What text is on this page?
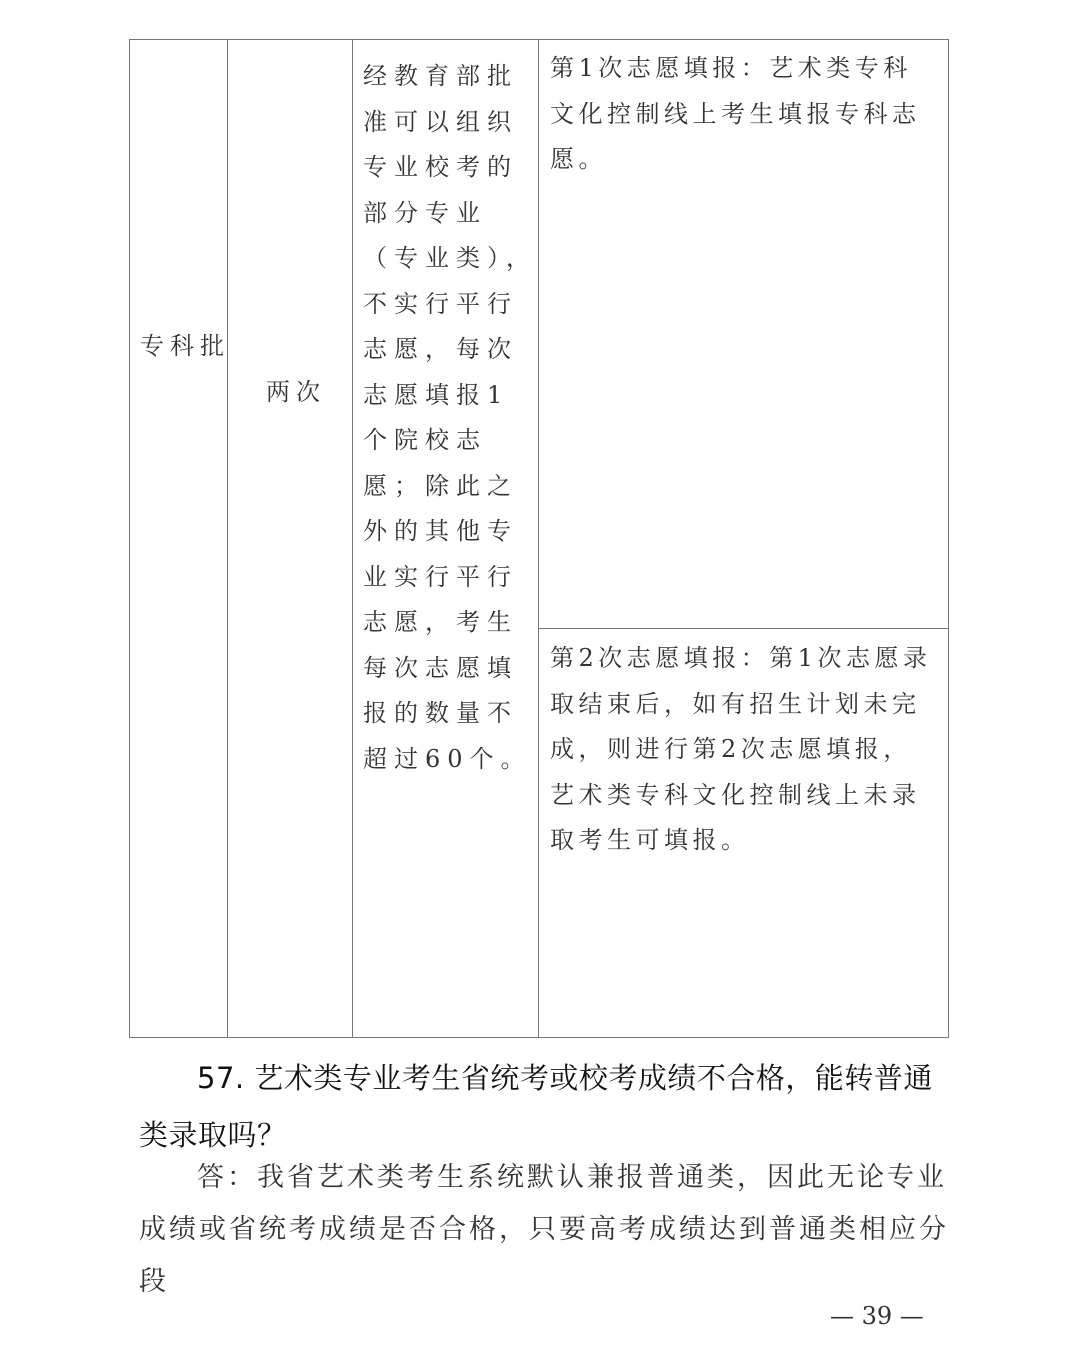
专科批
两次
经教育部批准可以组织专业校考的部分专业（专业类），不实行平行志愿，每次志愿填报1个院校志愿；除此之外的其他专业实行平行志愿，考生每次志愿填报的数量不超过60个。
第1次志愿填报：艺术类专科文化控制线上考生填报专科志愿。
第2次志愿填报：第1次志愿录取结束后，如有招生计划未完成，则进行第2次志愿填报，艺术类专科文化控制线上未录取考生可填报。
57. 艺术类专业考生省统考或校考成绩不合格，能转普通类录取吗？
答：我省艺术类考生系统默认兼报普通类，因此无论专业成绩或省统考成绩是否合格，只要高考成绩达到普通类相应分段
— 39 —
